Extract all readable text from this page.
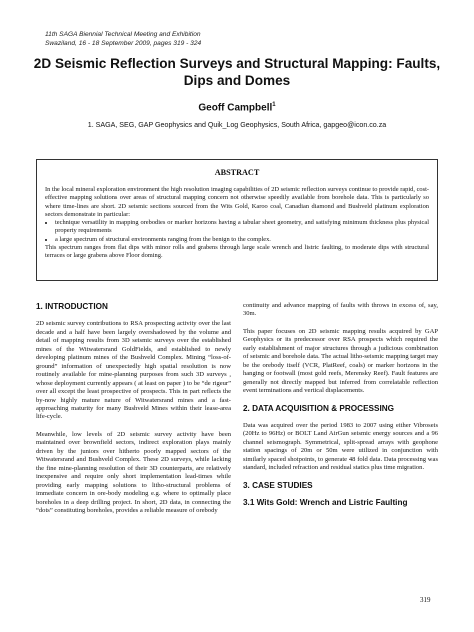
11th SAGA Biennial Technical Meeting and Exhibition
Swaziland, 16 - 18 September 2009, pages 319 - 324
2D Seismic Reflection Surveys and Structural Mapping: Faults, Dips and Domes
Geoff Campbell$^1$
1. SAGA, SEG, GAP Geophysics and Quik_Log Geophysics, South Africa, gapgeo@icon.co.za
ABSTRACT
In the local mineral exploration environment the high resolution imaging capabilities of 2D seismic reflection surveys continue to provide rapid, cost-effective mapping solutions over areas of structural mapping concern not otherwise speedily available from borehole data. This is particularly so where time-lines are short. 2D seismic sections sourced from the Wits Gold, Karoo coal, Canadian diamond and Bushveld platinum exploration sectors demonstrate in particular:
• technique versatility in mapping orebodies or marker horizons having a tabular sheet geometry, and satisfying minimum thickness plus physical property requirements
• a large spectrum of structural environments ranging from the benign to the complex.
This spectrum ranges from flat dips with minor rolls and grabens through large scale wrench and listric faulting, to moderate dips with structural terraces or large grabens above Floor doming.
1. INTRODUCTION

2D seismic survey contributions to RSA prospecting activity over the last decade and a half have been largely overshadowed by the volume and detail of mapping results from 3D seismic surveys over the established mines of the Witwatersrand GoldFields, and established to newly developing platinum mines of the Bushveld Complex. Mining “loss-of-ground” information of unexpectedly high spatial resolution is now routinely available for mine-planning purposes from such 3D surveys , whose deployment currently appears ( at least on paper ) to be “de rigeur” over all except the least prospective of prospects. This in part reflects the by-now highly mature nature of Witwatersrand mines and a fast-approaching maturity for many Bushveld Mines within their lease-area life-cycle.

Meanwhile, low levels of 2D seismic survey activity have been maintained over brownfield sectors, indirect exploration plays mainly driven by the juniors over hitherto poorly mapped sectors of the Witwatersrand and Bushveld Complex. These 2D surveys, while lacking the fine mine-planning resolution of their 3D counterparts, are relatively inexpensive and require only short implementation lead-times while providing early mapping solutions to litho-structural problems of immediate concern in ore-body modeling e.g. where to optimally place boreholes in a deep drilling project. In short, 2D data, in connecting the “dots” constituting boreholes, provides a reliable measure of orebody

continuity and advance mapping of faults with throws in excess of, say, 30m.

This paper focuses on 2D seismic mapping results acquired by GAP Geophysics or its predecessor over RSA prospects which required the early establishment of major structures through a judicious combination of seismic and borehole data. The actual litho-seismic mapping target may be the orebody itself (VCR, PlatReef, coals) or marker horizons in the hanging or footwall (most gold reefs, Merensky Reef). Fault features are generally not directly mapped but inferred from correlatable reflection event terminations and vertical displacements.

2. DATA ACQUISITION & PROCESSING

Data was acquired over the period 1983 to 2007 using either Vibroseis (20Hz to 96Hz) or BOLT Land AirGun seismic energy sources and a 96 channel seismograph. Symmetrical, split-spread arrays with geophone station spacings of 20m or 50m were utilized in conjunction with similarly spaced shotpoints, to generate 48 fold data. Data processing was standard, included refraction and residual statics plus time migration.

3. CASE STUDIES
3.1 Wits Gold: Wrench and Listric Faulting
319
